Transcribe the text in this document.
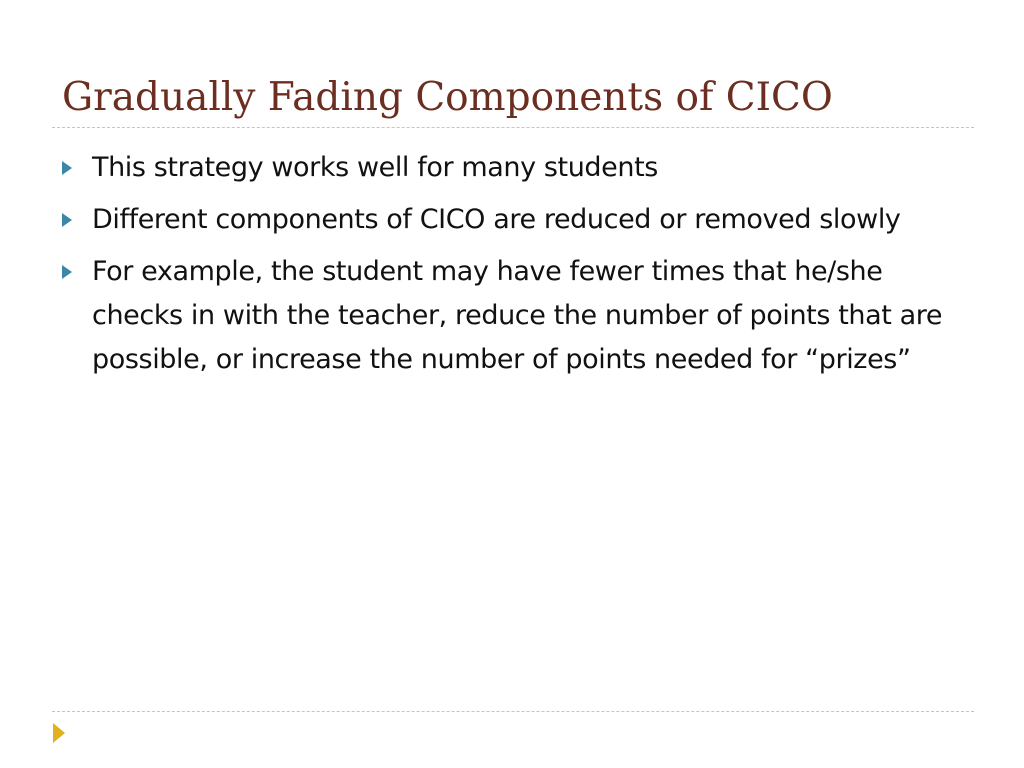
Gradually Fading Components of CICO
This strategy works well for many students
Different components of CICO are reduced or removed slowly
For example, the student may have fewer times that he/she checks in with the teacher, reduce the number of points that are possible, or increase the number of points needed for “prizes”
